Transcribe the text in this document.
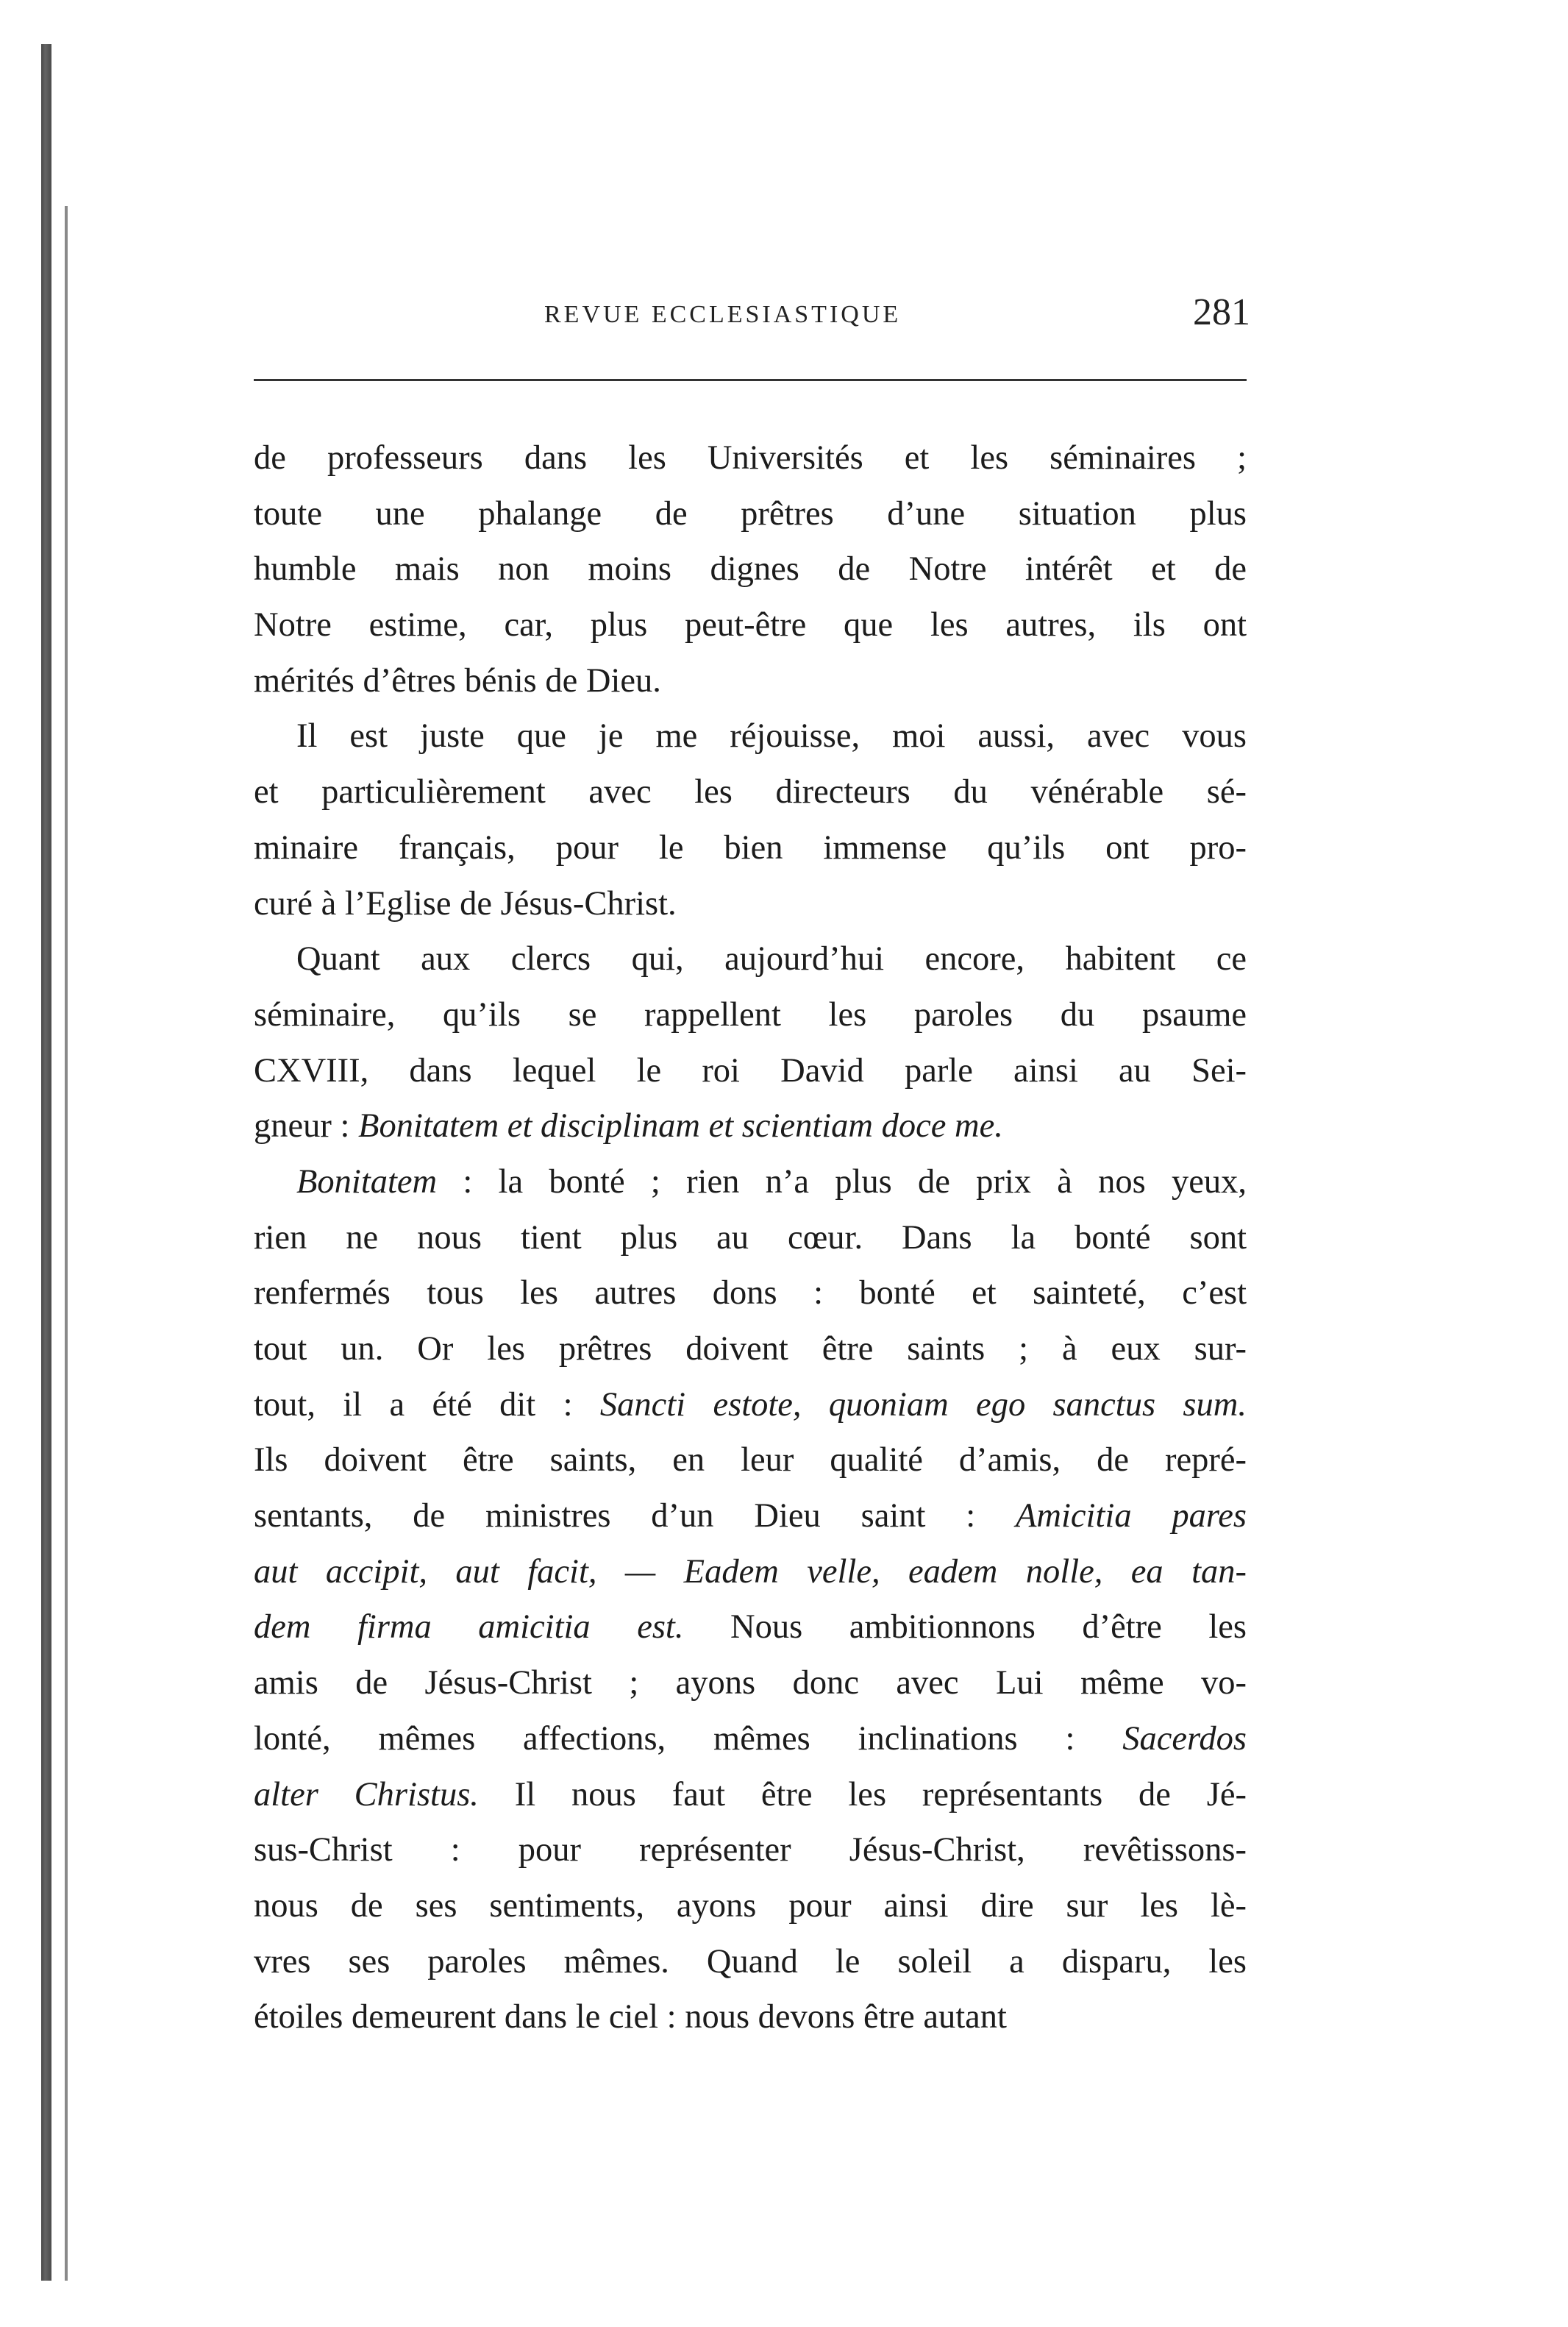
REVUE ECCLESIASTIQUE	281
de professeurs dans les Universités et les séminaires ;
toute une phalange de prêtres d’une situation plus
humble mais non moins dignes de Notre intérêt et de
Notre estime, car, plus peut-être que les autres, ils ont
mérités d’êtres bénis de Dieu.
Il est juste que je me réjouisse, moi aussi, avec vous
et particulièrement avec les directeurs du vénérable sé-
minaire français, pour le bien immense qu’ils ont pro-
curé à l’Eglise de Jésus-Christ.
Quant aux clercs qui, aujourd’hui encore, habitent ce
séminaire, qu’ils se rappellent les paroles du psaume
CXVIII, dans lequel le roi David parle ainsi au Sei-
gneur : Bonitatem et disciplinam et scientiam doce me.
Bonitatem : la bonté ; rien n’a plus de prix à nos yeux,
rien ne nous tient plus au cœur. Dans la bonté sont
renfermés tous les autres dons : bonté et sainteté, c’est
tout un. Or les prêtres doivent être saints ; à eux sur-
tout, il a été dit : Sancti estote, quoniam ego sanctus sum.
Ils doivent être saints, en leur qualité d’amis, de repré-
sentants, de ministres d’un Dieu saint : Amicitia pares
aut accipit, aut facit, — Eadem velle, eadem nolle, ea tan-
dem firma amicitia est. Nous ambitionnons d’être les
amis de Jésus-Christ ; ayons donc avec Lui même vo-
lonté, mêmes affections, mêmes inclinations : Sacerdos
alter Christus. Il nous faut être les représentants de Jé-
sus-Christ : pour représenter Jésus-Christ, revêtissons-
nous de ses sentiments, ayons pour ainsi dire sur les lè-
vres ses paroles mêmes. Quand le soleil a disparu, les
étoiles demeurent dans le ciel : nous devons être autant
